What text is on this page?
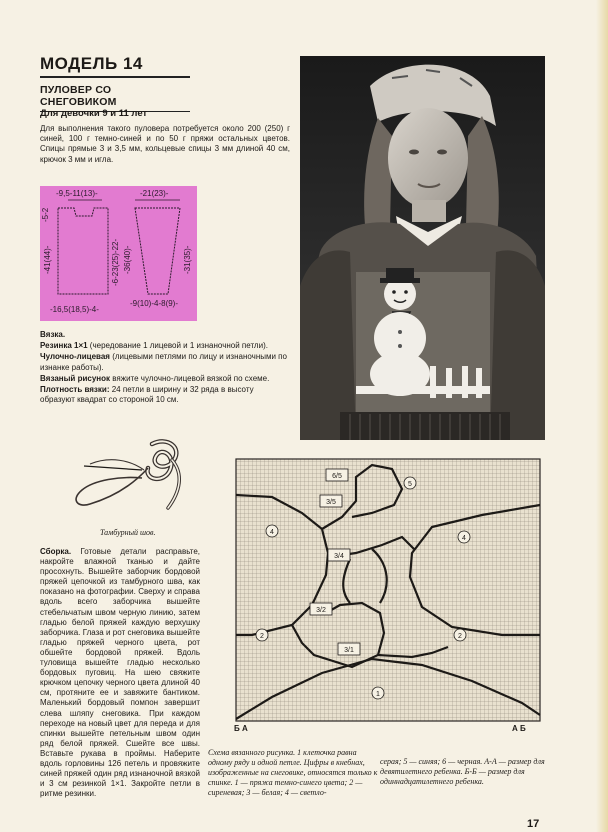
МОДЕЛЬ 14
ПУЛОВЕР СО СНЕГОВИКОМ
Для девочки 9 и 11 лет
Для выполнения такого пуловера потребуется около 200 (250) г синей, 100 г темно-синей и по 50 г пряжи остальных цветов. Спицы прямые 3 и 3,5 мм, кольцевые спицы 3 мм длиной 40 см, крючок 3 мм и игла.
-9,5-11(13)-
-5-2
-41(44)-	-6-23(25)-22-
-16,5(18,5)-4-
-21(23)-
-36(40)-	-31(35)-
-9(10)-4-8(9)-

Вязка.

Резинка 1×1 (чередование 1 лицевой и 1 изнаночной петли).

Чулочно-лицевая (лицевыми петлями по лицу и изнаночными по изнанке работы).

Вязаный рисунок вяжите чулочно-лицевой вязкой по схеме.

Плотность вязки: 24 петли в ширину и 32 ряда в высоту образуют квадрат со стороной 10 см.

Тамбурный шов.
Сборка. Готовые детали расправьте, накройте влажной тканью и дайте просохнуть. Вышейте заборчик бордовой пряжей цепочкой из тамбурного шва, как показано на фотографии. Сверху и справа вдоль всего заборчика вышейте стебельчатым швом черную линию, затем гладью белой пряжей каждую верхушку заборчика. Глаза и рот снеговика вышейте гладью пряжей черного цвета, рот обшейте бордовой пряжей. Вдоль туловища вышейте гладью несколько бордовых пуговиц. На шею свяжите крючком цепочку черного цвета длиной 40 см, протяните ее и завяжите бантиком. Маленький бордовый помпон завершит слева шляпу снеговика. При каждом переходе на новый цвет для переда и для спинки вышейте петельным швом один ряд белой пряжей. Сшейте все швы. Вставьте рукава в проймы. Наберите вдоль горловины 126 петель и провяжите синей пряжей один ряд изнаночной вязкой и 3 см резинкой 1×1. Закройте петли в ритме резинки.
6/5
5
3/5
4
3/4
4
3/2
2	2
3/1
1
Б А	А Б
Схема вязанного рисунка. 1 клеточка равна одному ряду и одной петле. Цифры в кнебнах, изображенные на снеговике, относятся только к спинке. 1 — пряжа темно-синего цвета; 2 — сиреневая; 3 — белая; 4 — светло-
серая; 5 — синяя; 6 — черная. А-А — размер для девятилетнего ребенка. Б-Б — размер для одиннадцатилетнего ребенка.
17
